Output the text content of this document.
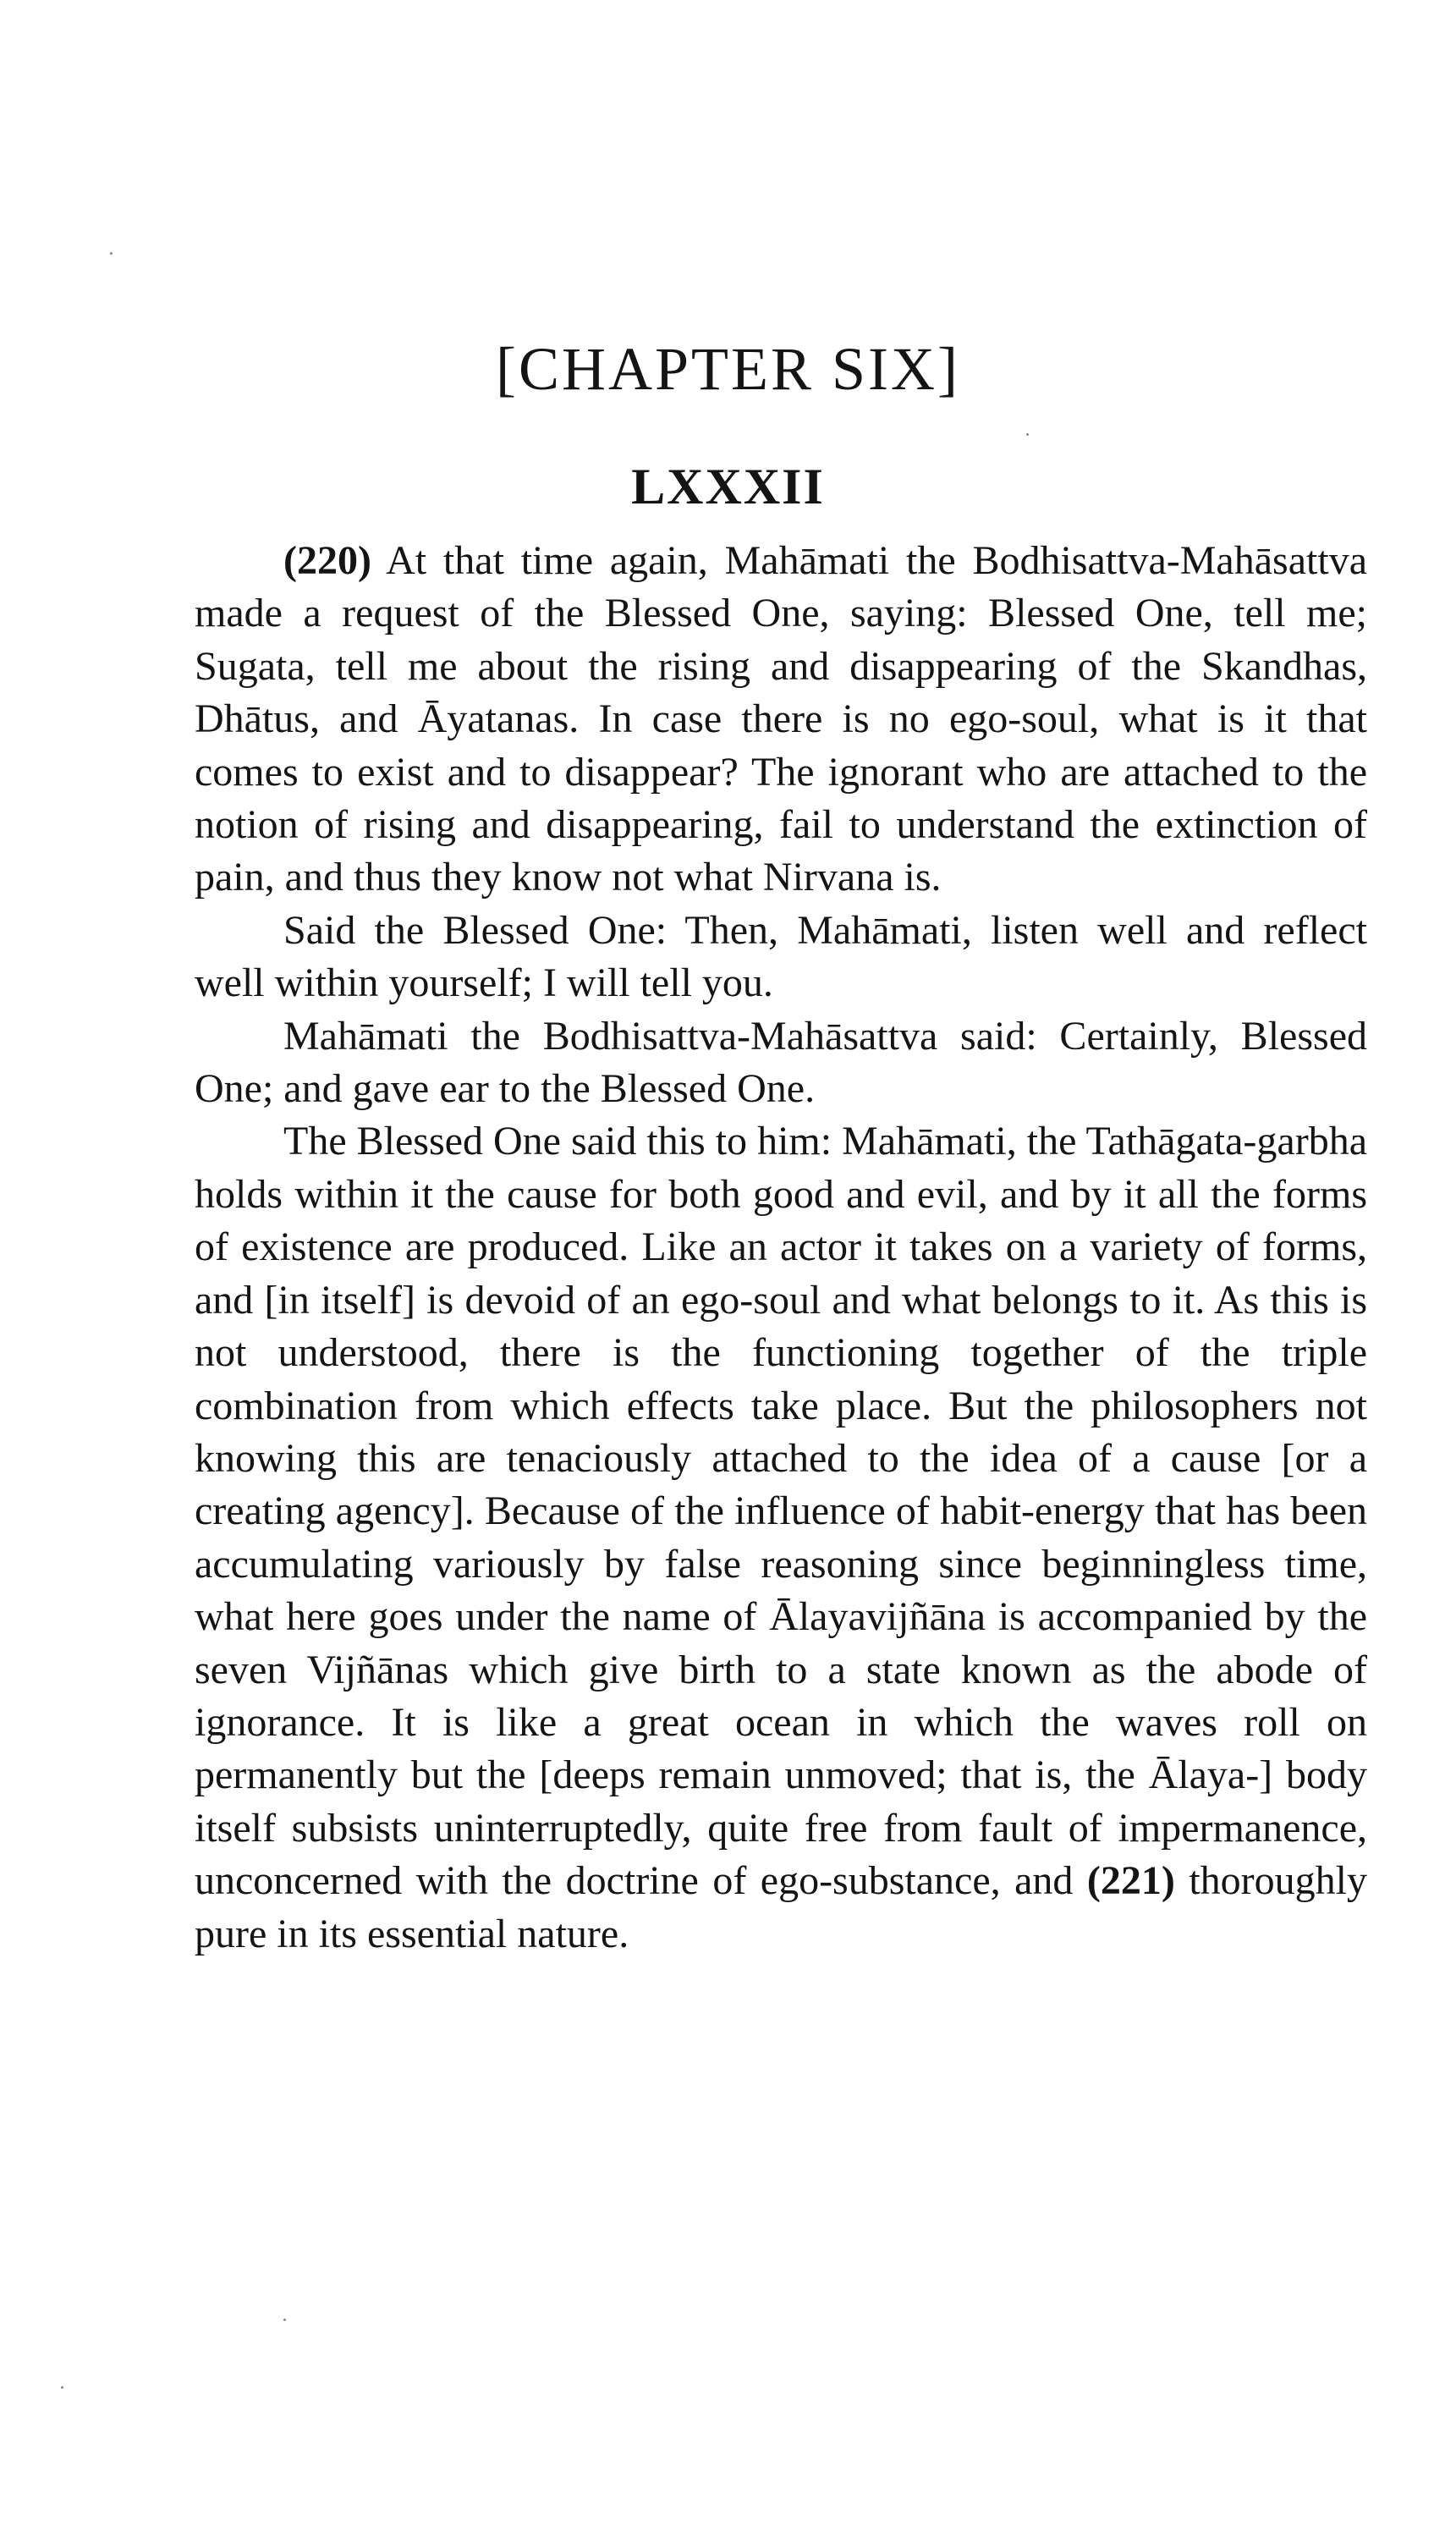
[CHAPTER SIX]
LXXXII

(220) At that time again, Mahāmati the Bodhisattva-Mahāsattva made a request of the Blessed One, saying: Blessed One, tell me; Sugata, tell me about the rising and disappearing of the Skandhas, Dhātus, and Āyatanas. In case there is no ego-soul, what is it that comes to exist and to disappear? The ignorant who are attached to the notion of rising and disappearing, fail to understand the extinction of pain, and thus they know not what Nirvana is.

Said the Blessed One: Then, Mahāmati, listen well and reflect well within yourself; I will tell you.

Mahāmati the Bodhisattva-Mahāsattva said: Certainly, Blessed One; and gave ear to the Blessed One.

The Blessed One said this to him: Mahāmati, the Tathāgata-garbha holds within it the cause for both good and evil, and by it all the forms of existence are produced. Like an actor it takes on a variety of forms, and [in itself] is devoid of an ego-soul and what belongs to it. As this is not understood, there is the functioning together of the triple combination from which effects take place. But the philosophers not knowing this are tenaciously attached to the idea of a cause [or a creating agency]. Because of the influence of habit-energy that has been accumulating variously by false reasoning since beginningless time, what here goes under the name of Ālayavijñāna is accompanied by the seven Vijñānas which give birth to a state known as the abode of ignorance. It is like a great ocean in which the waves roll on permanently but the [deeps remain unmoved; that is, the Ālaya-] body itself subsists uninterruptedly, quite free from fault of impermanence, unconcerned with the doctrine of ego-substance, and (221) thoroughly pure in its essential nature.
